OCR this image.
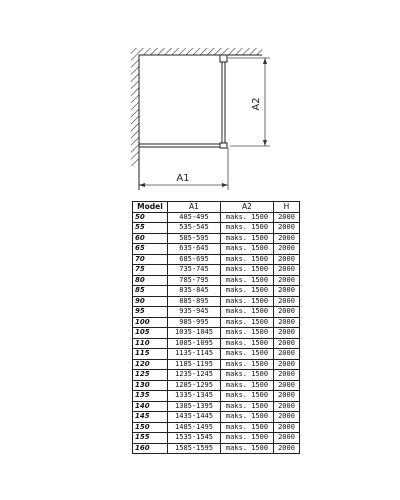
A1
A2
Model	A1	A2	H
50	485-495	maks. 1500	2000
55	535-545	maks. 1500	2000
60	585-595	maks. 1500	2000
65	635-645	maks. 1500	2000
70	685-695	maks. 1500	2000
75	735-745	maks. 1500	2000
80	785-795	maks. 1500	2000
85	835-845	maks. 1500	2000
90	885-895	maks. 1500	2000
95	935-945	maks. 1500	2000
100	985-995	maks. 1500	2000
105	1035-1045	maks. 1500	2000
110	1085-1095	maks. 1500	2000
115	1135-1145	maks. 1500	2000
120	1185-1195	maks. 1500	2000
125	1235-1245	maks. 1500	2000
130	1285-1295	maks. 1500	2000
135	1335-1345	maks. 1500	2000
140	1385-1395	maks. 1500	2000
145	1435-1445	maks. 1500	2000
150	1485-1495	maks. 1500	2000
155	1535-1545	maks. 1500	2000
160	1585-1595	maks. 1500	2000
